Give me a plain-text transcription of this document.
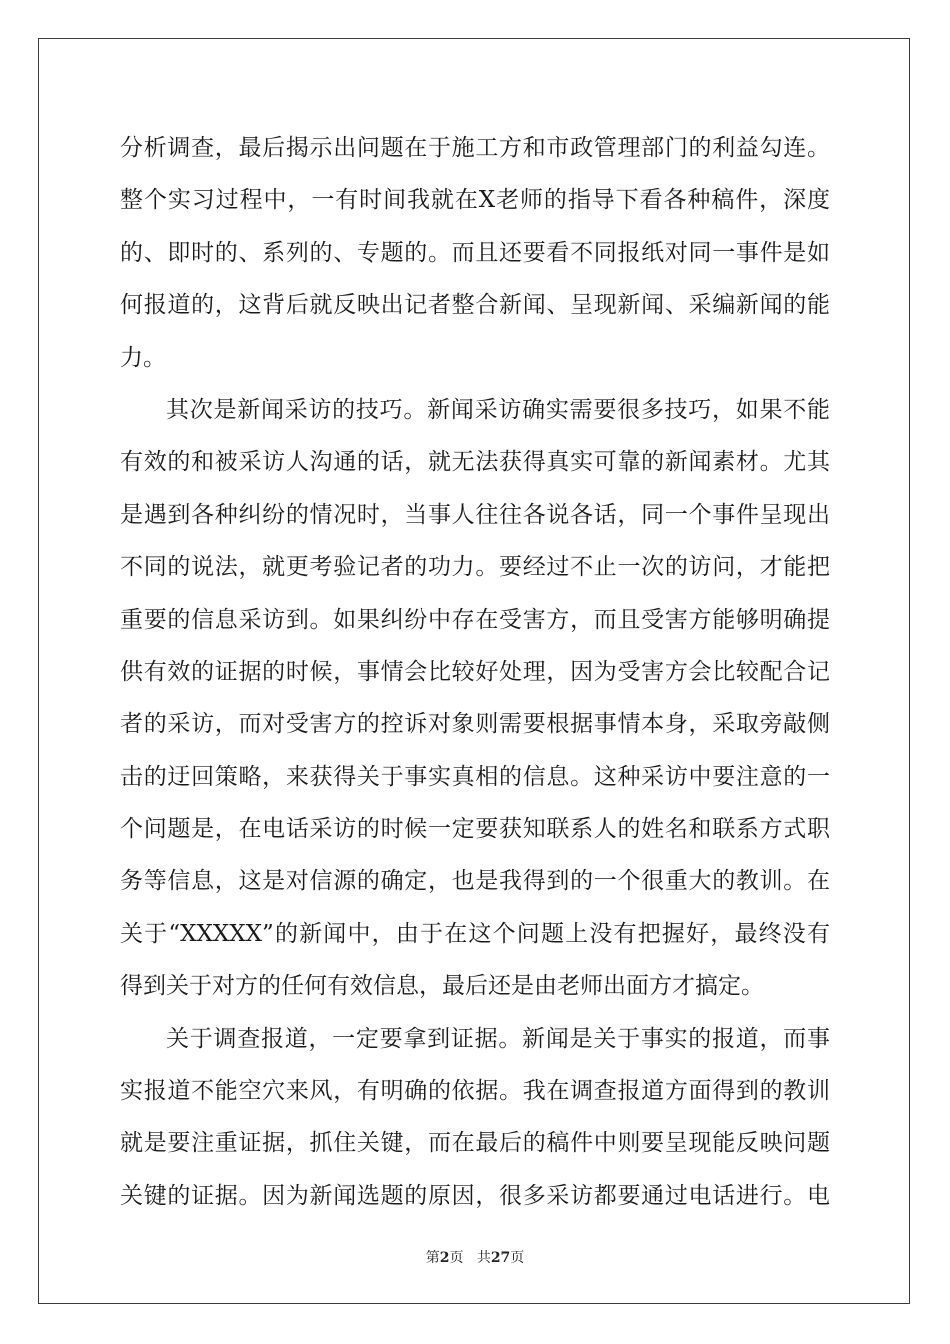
分析调查，最后揭示出问题在于施工方和市政管理部门的利益勾连。
整个实习过程中，一有时间我就在X老师的指导下看各种稿件，深度
的、即时的、系列的、专题的。而且还要看不同报纸对同一事件是如
何报道的，这背后就反映出记者整合新闻、呈现新闻、采编新闻的能
力。
其次是新闻采访的技巧。新闻采访确实需要很多技巧，如果不能
有效的和被采访人沟通的话，就无法获得真实可靠的新闻素材。尤其
是遇到各种纠纷的情况时，当事人往往各说各话，同一个事件呈现出
不同的说法，就更考验记者的功力。要经过不止一次的访问，才能把
重要的信息采访到。如果纠纷中存在受害方，而且受害方能够明确提
供有效的证据的时候，事情会比较好处理，因为受害方会比较配合记
者的采访，而对受害方的控诉对象则需要根据事情本身，采取旁敲侧
击的迂回策略，来获得关于事实真相的信息。这种采访中要注意的一
个问题是，在电话采访的时候一定要获知联系人的姓名和联系方式职
务等信息，这是对信源的确定，也是我得到的一个很重大的教训。在
关于“XXXXX”的新闻中，由于在这个问题上没有把握好，最终没有
得到关于对方的任何有效信息，最后还是由老师出面方才搞定。
关于调查报道，一定要拿到证据。新闻是关于事实的报道，而事
实报道不能空穴来风，有明确的依据。我在调查报道方面得到的教训
就是要注重证据，抓住关键，而在最后的稿件中则要呈现能反映问题
关键的证据。因为新闻选题的原因，很多采访都要通过电话进行。电
第2页 共27页
